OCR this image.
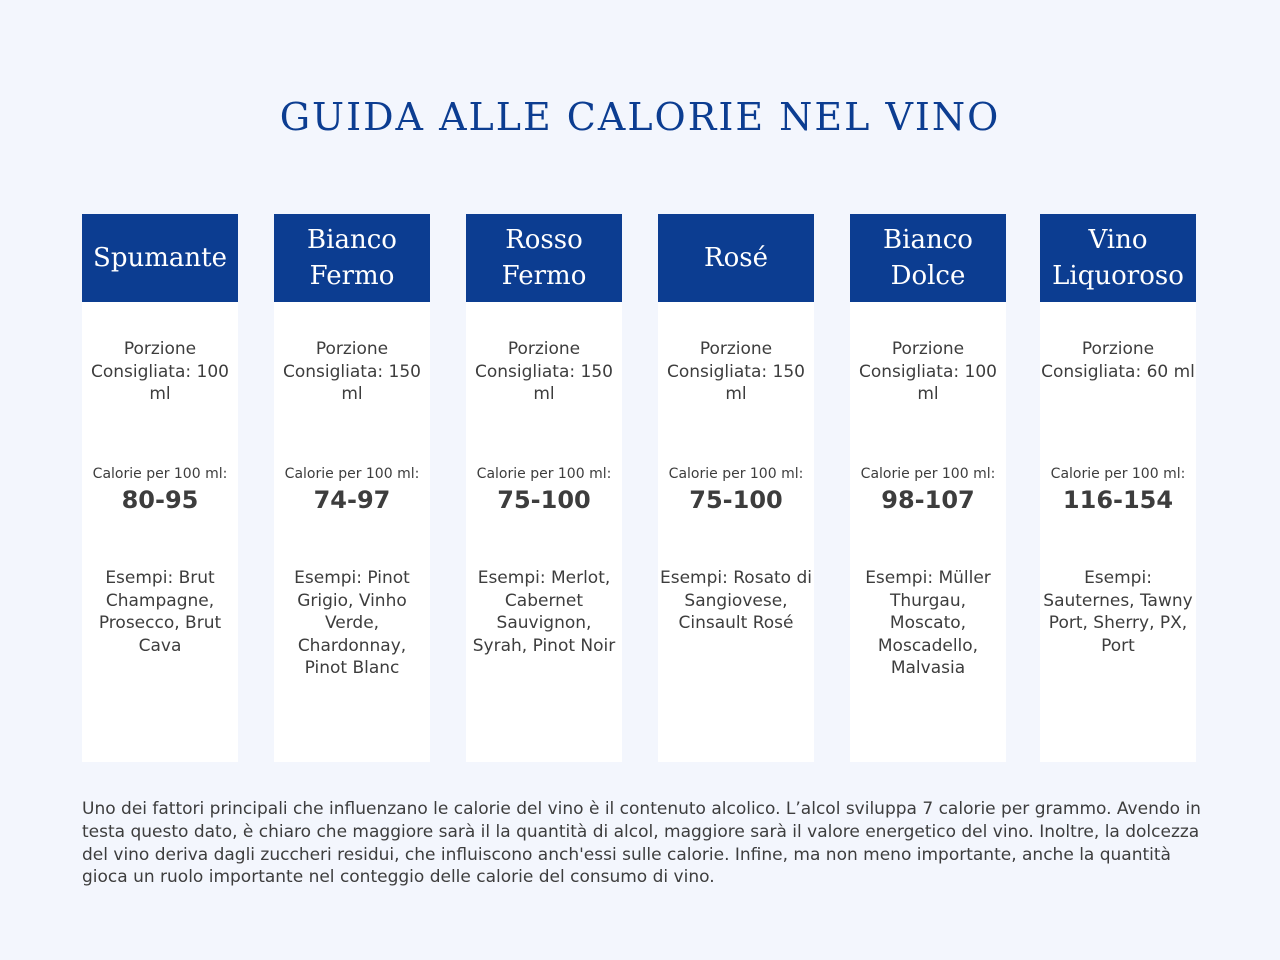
GUIDA ALLE CALORIE NEL VINO
Spumante
Porzione Consigliata: 100 ml
Calorie per 100 ml:
80-95
Esempi: Brut Champagne, Prosecco, Brut Cava
Bianco Fermo
Porzione Consigliata: 150 ml
Calorie per 100 ml:
74-97
Esempi: Pinot Grigio, Vinho Verde, Chardonnay, Pinot Blanc
Rosso Fermo
Porzione Consigliata: 150 ml
Calorie per 100 ml:
75-100
Esempi: Merlot, Cabernet Sauvignon, Syrah, Pinot Noir
Rosé
Porzione Consigliata: 150 ml
Calorie per 100 ml:
75-100
Esempi: Rosato di Sangiovese, Cinsault Rosé
Bianco Dolce
Porzione Consigliata: 100 ml
Calorie per 100 ml:
98-107
Esempi: Müller Thurgau, Moscato, Moscadello, Malvasia
Vino Liquoroso
Porzione Consigliata: 60 ml
Calorie per 100 ml:
116-154
Esempi: Sauternes, Tawny Port, Sherry, PX, Port

Uno dei fattori principali che influenzano le calorie del vino è il contenuto alcolico. L’alcol sviluppa 7 calorie per grammo. Avendo in testa questo dato, è chiaro che maggiore sarà il la quantità di alcol, maggiore sarà il valore energetico del vino. Inoltre, la dolcezza del vino deriva dagli zuccheri residui, che influiscono anch'essi sulle calorie. Infine, ma non meno importante, anche la quantità gioca un ruolo importante nel conteggio delle calorie del consumo di vino.
